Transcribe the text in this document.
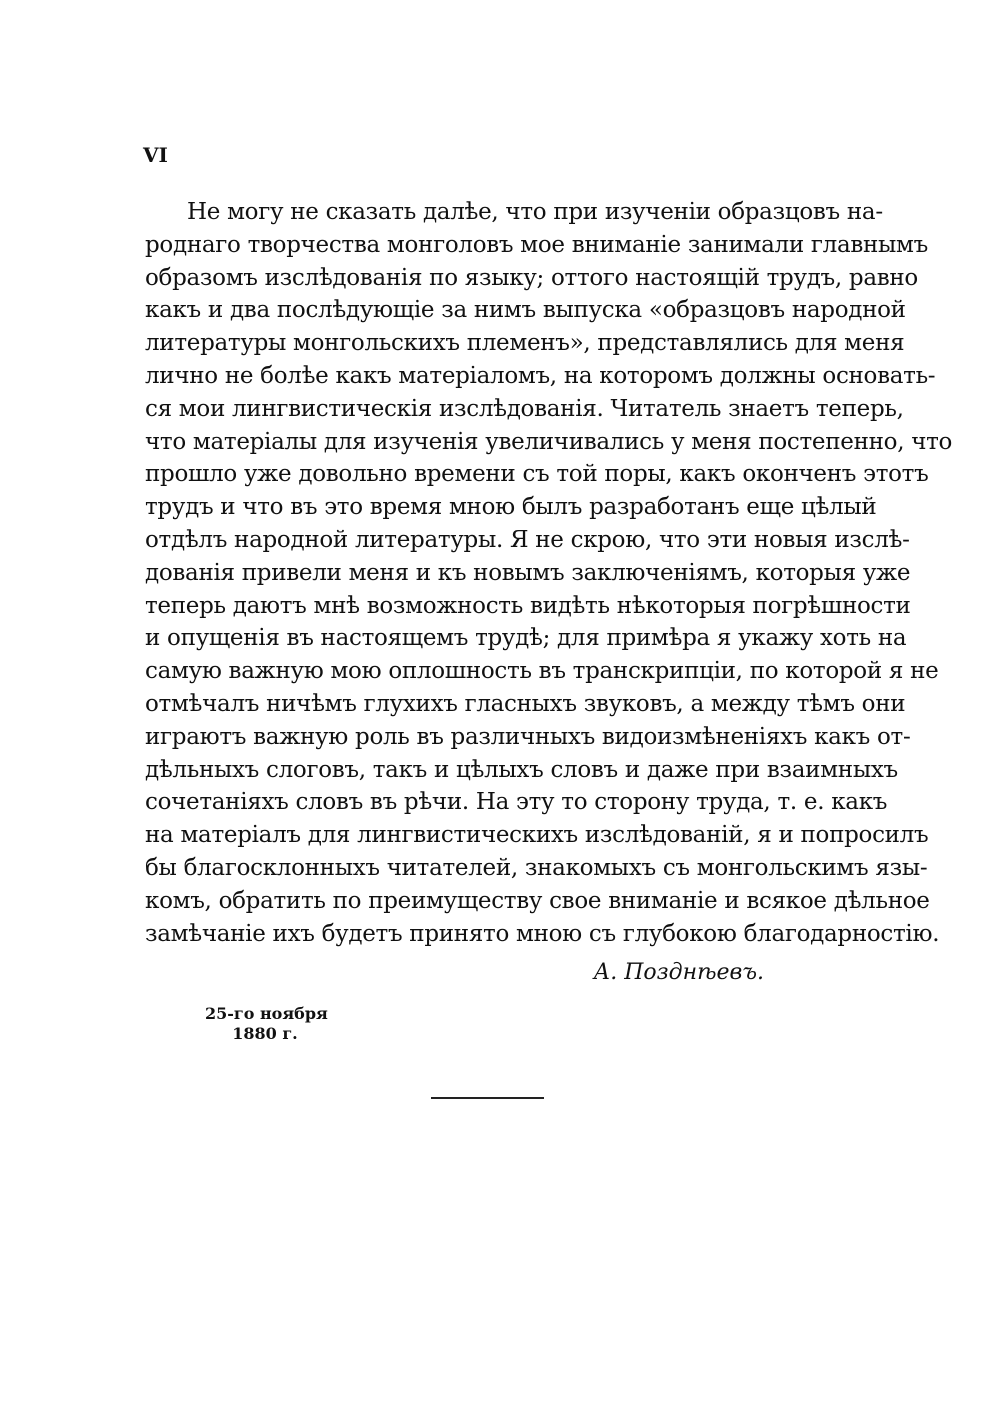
VI
Не могу не сказать далѣе, что при изученіи образцовъ на-
роднаго творчества монголовъ мое вниманіе занимали главнымъ
образомъ изслѣдованія по языку; оттого настоящій трудъ, равно
какъ и два послѣдующіе за нимъ выпуска «образцовъ народной
литературы монгольскихъ племенъ», представлялись для меня
лично не болѣе какъ матеріаломъ, на которомъ должны основать-
ся мои лингвистическія изслѣдованія. Читатель знаетъ теперь,
что матеріалы для изученія увеличивались у меня постепенно, что
прошло уже довольно времени съ той поры, какъ оконченъ этотъ
трудъ и что въ это время мною былъ разработанъ еще цѣлый
отдѣлъ народной литературы. Я не скрою, что эти новыя изслѣ-
дованія привели меня и къ новымъ заключеніямъ, которыя уже
теперь даютъ мнѣ возможность видѣть нѣкоторыя погрѣшности
и опущенія въ настоящемъ трудѣ; для примѣра я укажу хоть на
самую важную мою оплошность въ транскрипціи, по которой я не
отмѣчалъ ничѣмъ глухихъ гласныхъ звуковъ, а между тѣмъ они
играютъ важную роль въ различныхъ видоизмѣненіяхъ какъ от-
дѣльныхъ слоговъ, такъ и цѣлыхъ словъ и даже при взаимныхъ
сочетаніяхъ словъ въ рѣчи. На эту то сторону труда, т. е. какъ
на матеріалъ для лингвистическихъ изслѣдованій, я и попросилъ
бы благосклонныхъ читателей, знакомыхъ съ монгольскимъ язы-
комъ, обратить по преимуществу свое вниманіе и всякое дѣльное
замѣчаніе ихъ будетъ принято мною съ глубокою благодарностію.
А. Позднѣевъ.
25-го ноября
1880 г.
